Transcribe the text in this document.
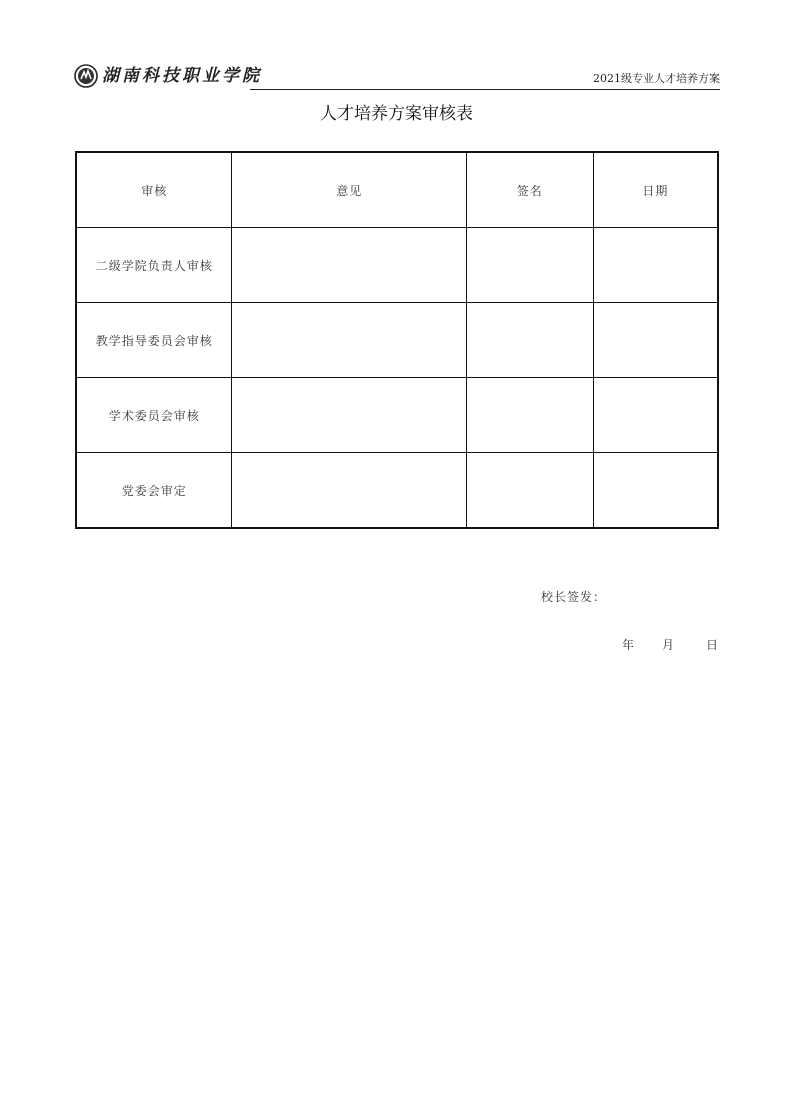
湖南科技职业学院	2021级专业人才培养方案
人才培养方案审核表
审核	意见	签名	日期
二级学院负责人审核			
教学指导委员会审核			
学术委员会审核			
党委会审定			
校长签发：
年 月	日
